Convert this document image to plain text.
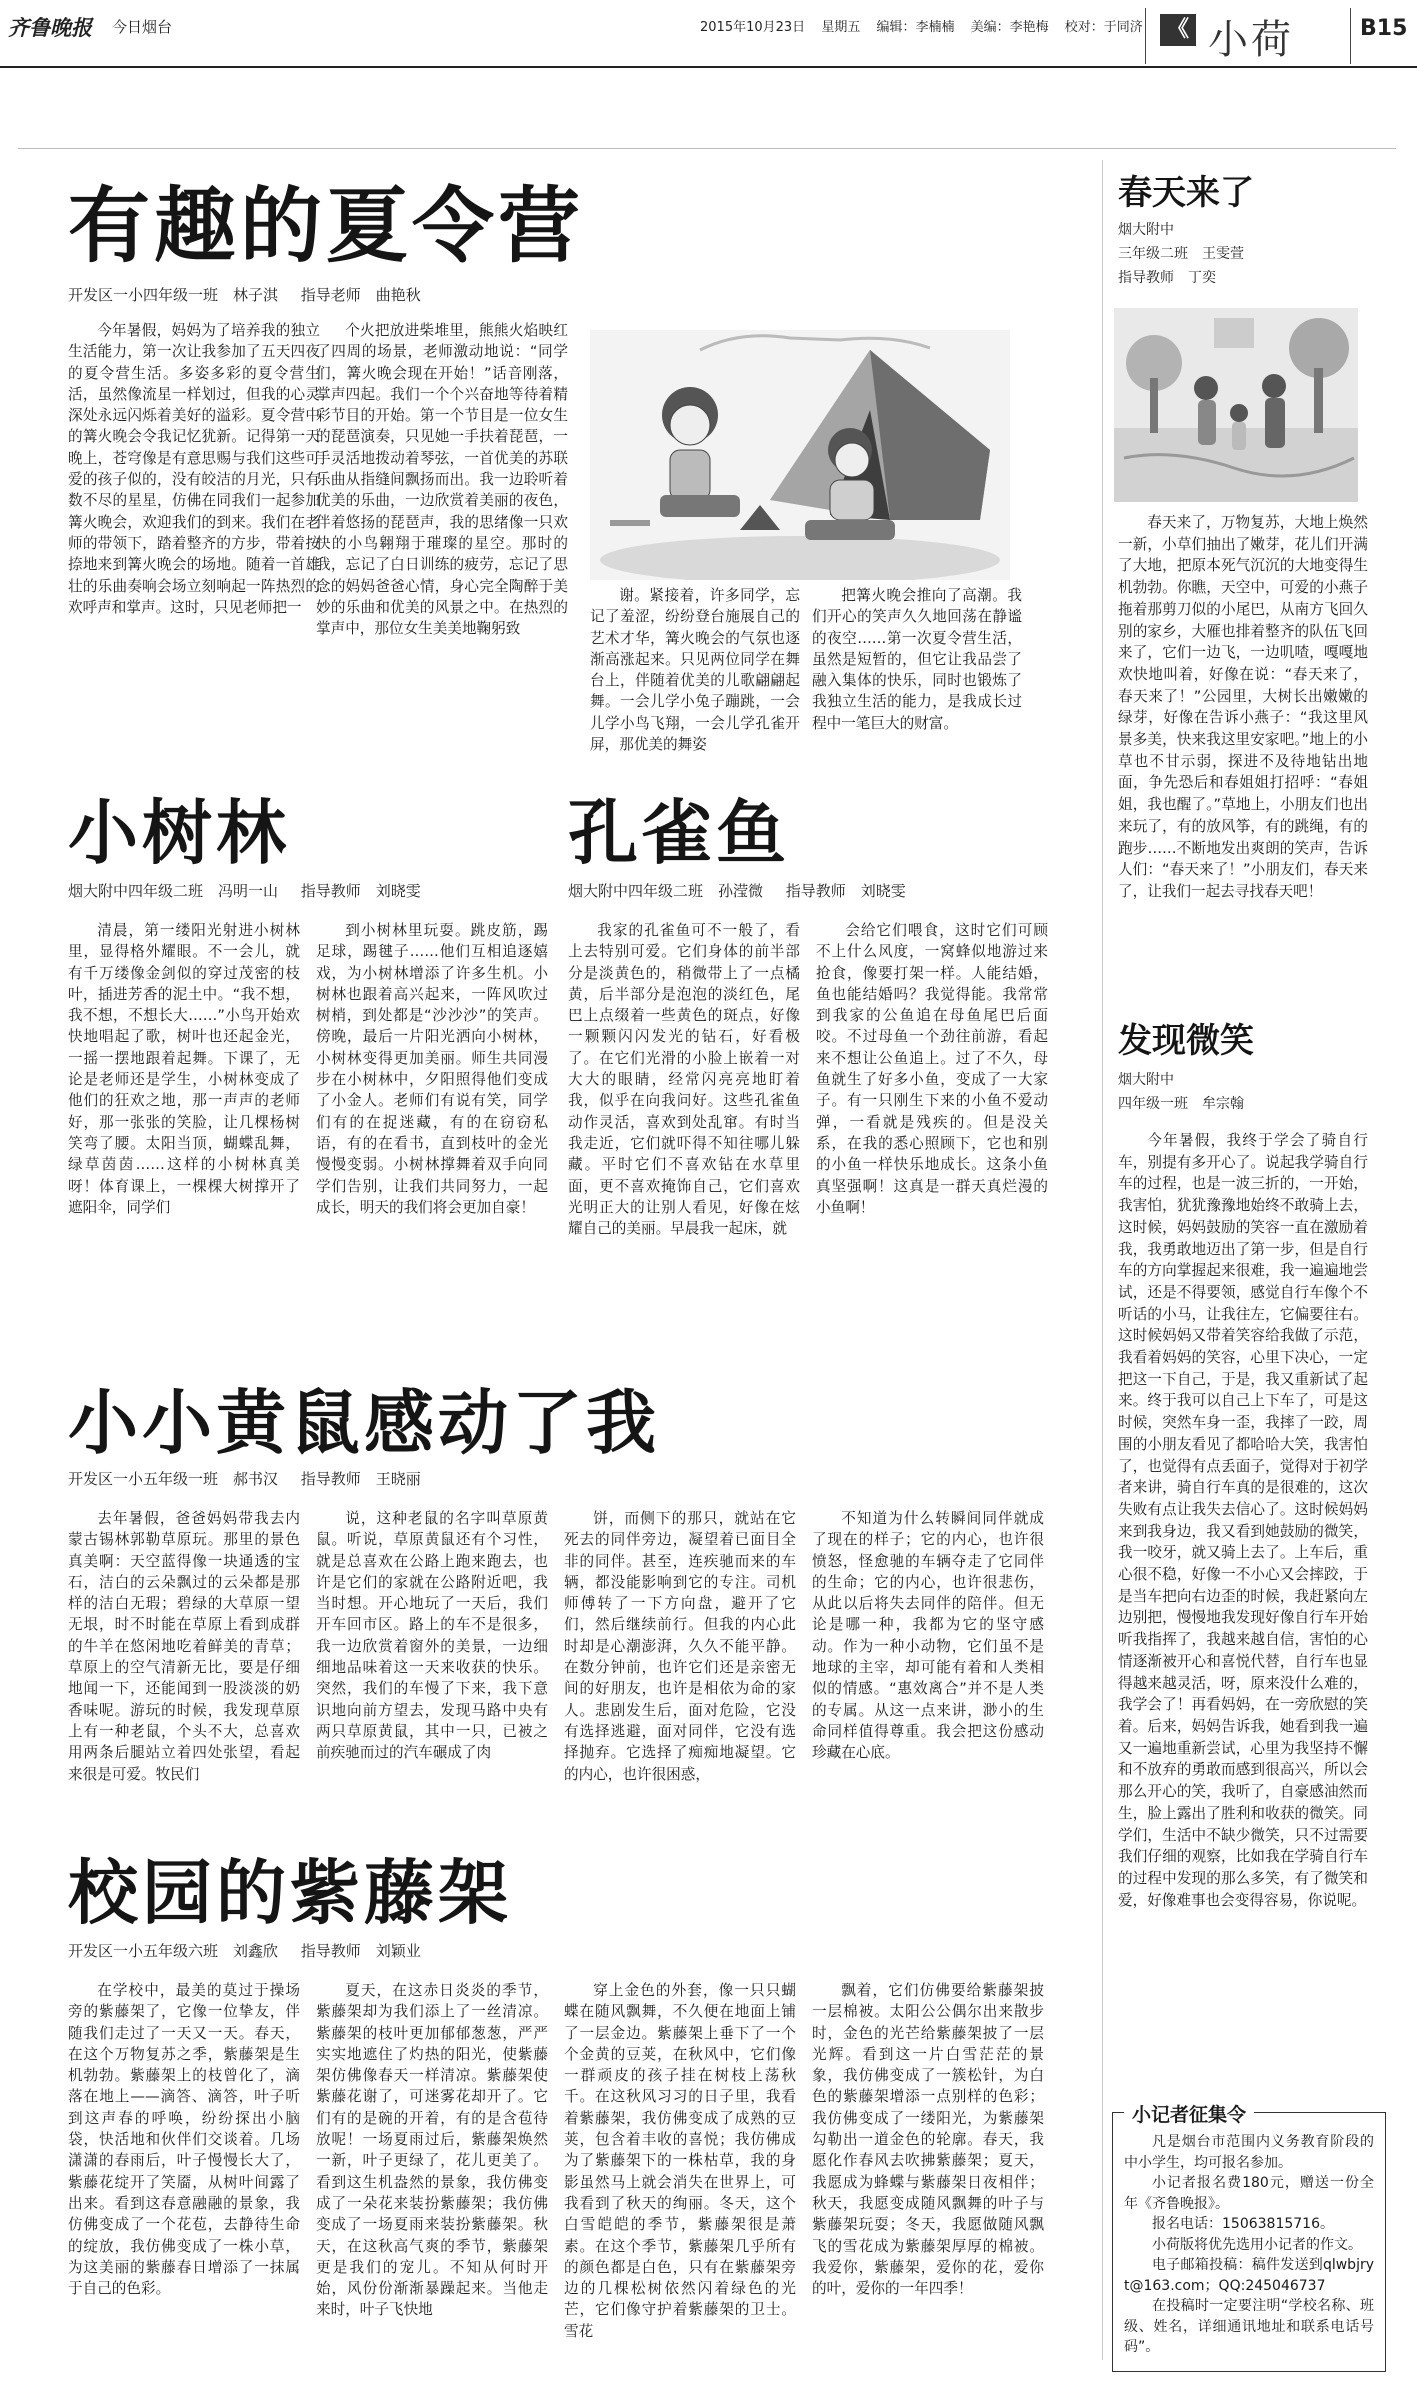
齐鲁晚报 今日烟台	2015年10月23日 星期五 编辑：李楠楠 美编：李艳梅 校对：于同济	《 小荷	B15
有趣的夏令营
开发区一小四年级一班　林子淇 指导老师　曲艳秋
今年暑假，妈妈为了培养我的独立生活能力，第一次让我参加了五天四夜的夏令营生活。多姿多彩的夏令营生活，虽然像流星一样划过，但我的心灵深处永远闪烁着美好的溢彩。夏令营中的篝火晚会令我记忆犹新。记得第一天晚上，苍穹像是有意思赐与我们这些可爱的孩子似的，没有皎洁的月光，只有数不尽的星星，仿佛在同我们一起参加篝火晚会，欢迎我们的到来。我们在老师的带领下，踏着整齐的方步，带着按捺地来到篝火晚会的场地。随着一首雄壮的乐曲奏响会场立刻响起一阵热烈的欢呼声和掌声。这时，只见老师把一
个火把放进柴堆里，熊熊火焰映红了四周的场景，老师激动地说：“同学们，篝火晚会现在开始！”话音刚落，掌声四起。我们一个个兴奋地等待着精彩节目的开始。第一个节目是一位女生的琵琶演奏，只见她一手扶着琵琶，一手灵活地拨动着琴弦，一首优美的苏联乐曲从指缝间飘扬而出。我一边聆听着优美的乐曲，一边欣赏着美丽的夜色，伴着悠扬的琵琶声，我的思绪像一只欢快的小鸟翱翔于璀璨的星空。那时的我，忘记了白日训练的疲劳，忘记了思念的妈妈爸爸心情，身心完全陶醉于美妙的乐曲和优美的风景之中。在热烈的掌声中，那位女生美美地鞠躬致
谢。紧接着，许多同学，忘记了羞涩，纷纷登台施展自己的艺术才华，篝火晚会的气氛也逐渐高涨起来。只见两位同学在舞台上，伴随着优美的儿歌翩翩起舞。一会儿学小兔子蹦跳，一会儿学小鸟飞翔，一会儿学孔雀开屏，那优美的舞姿
把篝火晚会推向了高潮。我们开心的笑声久久地回荡在静谧的夜空……第一次夏令营生活，虽然是短暂的，但它让我品尝了融入集体的快乐，同时也锻炼了我独立生活的能力，是我成长过程中一笔巨大的财富。
小树林
烟大附中四年级二班　冯明一山 指导教师　刘晓雯
清晨，第一缕阳光射进小树林里，显得格外耀眼。不一会儿，就有千万缕像金剑似的穿过茂密的枝叶，插进芳香的泥土中。“我不想，我不想，不想长大……”小鸟开始欢快地唱起了歌，树叶也还起金光，一摇一摆地跟着起舞。下课了，无论是老师还是学生，小树林变成了他们的狂欢之地，那一声声的老师好，那一张张的笑脸，让几棵杨树笑弯了腰。太阳当顶，蝴蝶乱舞，绿草茵茵……这样的小树林真美呀！体育课上，一棵棵大树撑开了遮阳伞，同学们
到小树林里玩耍。跳皮筋，踢足球，踢毽子……他们互相追逐嬉戏，为小树林增添了许多生机。小树林也跟着高兴起来，一阵风吹过树梢，到处都是“沙沙沙”的笑声。傍晚，最后一片阳光洒向小树林，小树林变得更加美丽。师生共同漫步在小树林中，夕阳照得他们变成了小金人。老师们有说有笑，同学们有的在捉迷藏，有的在窃窃私语，有的在看书，直到枝叶的金光慢慢变弱。小树林撑舞着双手向同学们告别，让我们共同努力，一起成长，明天的我们将会更加自豪！
孔雀鱼
烟大附中四年级二班　孙滢微 指导教师　刘晓雯
我家的孔雀鱼可不一般了，看上去特别可爱。它们身体的前半部分是淡黄色的，稍微带上了一点橘黄，后半部分是泡泡的淡红色，尾巴上点缀着一些黄色的斑点，好像一颗颗闪闪发光的钻石，好看极了。在它们光滑的小脸上嵌着一对大大的眼睛，经常闪亮亮地盯着我，似乎在向我问好。这些孔雀鱼动作灵活，喜欢到处乱窜。有时当我走近，它们就吓得不知往哪儿躲藏。平时它们不喜欢钻在水草里面，更不喜欢掩饰自己，它们喜欢光明正大的让别人看见，好像在炫耀自己的美丽。早晨我一起床，就
会给它们喂食，这时它们可顾不上什么风度，一窝蜂似地游过来抢食，像要打架一样。人能结婚，鱼也能结婚吗？我觉得能。我常常到我家的公鱼追在母鱼尾巴后面咬。不过母鱼一个劲往前游，看起来不想让公鱼追上。过了不久，母鱼就生了好多小鱼，变成了一大家子。有一只刚生下来的小鱼不爱动弹，一看就是残疾的。但是没关系，在我的悉心照顾下，它也和别的小鱼一样快乐地成长。这条小鱼真坚强啊！这真是一群天真烂漫的小鱼啊！
小小黄鼠感动了我
开发区一小五年级一班　郝书汉 指导教师　王晓丽
去年暑假，爸爸妈妈带我去内蒙古锡林郭勒草原玩。那里的景色真美啊：天空蓝得像一块通透的宝石，洁白的云朵飘过的云朵都是那样的洁白无瑕；碧绿的大草原一望无垠，时不时能在草原上看到成群的牛羊在悠闲地吃着鲜美的青草；草原上的空气清新无比，要是仔细地闻一下，还能闻到一股淡淡的奶香味呢。游玩的时候，我发现草原上有一种老鼠，个头不大，总喜欢用两条后腿站立着四处张望，看起来很是可爱。牧民们
说，这种老鼠的名字叫草原黄鼠。听说，草原黄鼠还有个习性，就是总喜欢在公路上跑来跑去，也许是它们的家就在公路附近吧，我当时想。开心地玩了一天后，我们开车回市区。路上的车不是很多，我一边欣赏着窗外的美景，一边细细地品味着这一天来收获的快乐。突然，我们的车慢了下来，我下意识地向前方望去，发现马路中央有两只草原黄鼠，其中一只，已被之前疾驰而过的汽车碾成了肉
饼，而侧下的那只，就站在它死去的同伴旁边，凝望着已面目全非的同伴。甚至，连疾驰而来的车辆，都没能影响到它的专注。司机师傅转了一下方向盘，避开了它们，然后继续前行。但我的内心此时却是心潮澎湃，久久不能平静。在数分钟前，也许它们还是亲密无间的好朋友，也许是相依为命的家人。悲剧发生后，面对危险，它没有选择逃避，面对同伴，它没有选择抛弃。它选择了痴痴地凝望。它的内心，也许很困惑，
不知道为什么转瞬间同伴就成了现在的样子；它的内心，也许很愤怒，怪愈驰的车辆夺走了它同伴的生命；它的内心，也许很悲伤，从此以后将失去同伴的陪伴。但无论是哪一种，我都为它的坚守感动。作为一种小动物，它们虽不是地球的主宰，却可能有着和人类相似的情感。“惠效离合”并不是人类的专属。从这一点来讲，渺小的生命同样值得尊重。我会把这份感动珍藏在心底。
校园的紫藤架
开发区一小五年级六班　刘鑫欣 指导教师　刘颖业
在学校中，最美的莫过于操场旁的紫藤架了，它像一位挚友，伴随我们走过了一天又一天。春天，在这个万物复苏之季，紫藤架是生机勃勃。紫藤架上的枝曾化了，滴落在地上——滴答、滴答，叶子听到这声春的呼唤，纷纷探出小脑袋，快活地和伙伴们交谈着。几场潇潇的春雨后，叶子慢慢长大了，紫藤花绽开了笑靥，从树叶间露了出来。看到这春意融融的景象，我仿佛变成了一个花苞，去静待生命的绽放，我仿佛变成了一株小草，为这美丽的紫藤春日增添了一抹属于自己的色彩。
夏天，在这赤日炎炎的季节，紫藤架却为我们添上了一丝清凉。紫藤架的枝叶更加郁郁葱葱，严严实实地遮住了灼热的阳光，使紫藤架仿佛像春天一样清凉。紫藤架使紫藤花谢了，可迷雾花却开了。它们有的是碗的开着，有的是含苞待放呢！一场夏雨过后，紫藤架焕然一新，叶子更绿了，花儿更美了。看到这生机盎然的景象，我仿佛变成了一朵花来装扮紫藤架；我仿佛变成了一场夏雨来装扮紫藤架。秋天，在这秋高气爽的季节，紫藤架更是我们的宠儿。不知从何时开始，风份份渐渐暴躁起来。当他走来时，叶子飞快地
穿上金色的外套，像一只只蝴蝶在随风飘舞，不久便在地面上铺了一层金边。紫藤架上垂下了一个个金黄的豆荚，在秋风中，它们像一群顽皮的孩子挂在树枝上荡秋千。在这秋风习习的日子里，我看着紫藤架，我仿佛变成了成熟的豆荚，包含着丰收的喜悦；我仿佛成为了紫藤架下的一株枯草，我的身影虽然马上就会消失在世界上，可我看到了秋天的绚丽。冬天，这个白雪皑皑的季节，紫藤架很是萧素。在这个季节，紫藤架几乎所有的颜色都是白色，只有在紫藤架旁边的几棵松树依然闪着绿色的光芒，它们像守护着紫藤架的卫士。雪花
飘着，它们仿佛要给紫藤架披一层棉被。太阳公公偶尔出来散步时，金色的光芒给紫藤架披了一层光辉。看到这一片白雪茫茫的景象，我仿佛变成了一簇松针，为白色的紫藤架增添一点别样的色彩；我仿佛变成了一缕阳光，为紫藤架勾勒出一道金色的轮廓。春天，我愿化作春风去吹拂紫藤架；夏天，我愿成为蜂蝶与紫藤架日夜相伴；秋天，我愿变成随风飘舞的叶子与紫藤架玩耍；冬天，我愿做随风飘飞的雪花成为紫藤架厚厚的棉被。我爱你，紫藤架，爱你的花，爱你的叶，爱你的一年四季！
春天来了
烟大附中
三年级二班　王雯萱
指导教师　丁奕
春天来了，万物复苏，大地上焕然一新，小草们抽出了嫩芽，花儿们开满了大地，把原本死气沉沉的大地变得生机勃勃。你瞧，天空中，可爱的小燕子拖着那剪刀似的小尾巴，从南方飞回久别的家乡，大雁也排着整齐的队伍飞回来了，它们一边飞，一边叽喳，嘎嘎地欢快地叫着，好像在说：“春天来了，春天来了！”公园里，大树长出嫩嫩的绿芽，好像在告诉小燕子：“我这里风景多美，快来我这里安家吧。”地上的小草也不甘示弱，探进不及待地钻出地面，争先恐后和春姐姐打招呼：“春姐姐，我也醒了。”草地上，小朋友们也出来玩了，有的放风筝，有的跳绳，有的跑步……不断地发出爽朗的笑声，告诉人们：“春天来了！”小朋友们，春天来了，让我们一起去寻找春天吧！
发现微笑
烟大附中
四年级一班　牟宗翰
今年暑假，我终于学会了骑自行车，别提有多开心了。说起我学骑自行车的过程，也是一波三折的，一开始，我害怕，犹犹豫豫地始终不敢骑上去，这时候，妈妈鼓励的笑容一直在激励着我，我勇敢地迈出了第一步，但是自行车的方向掌握起来很难，我一遍遍地尝试，还是不得要领，感觉自行车像个不听话的小马，让我往左，它偏要往右。这时候妈妈又带着笑容给我做了示范，我看着妈妈的笑容，心里下决心，一定把这一下自己，于是，我又重新试了起来。终于我可以自己上下车了，可是这时候，突然车身一歪，我摔了一跤，周围的小朋友看见了都哈哈大笑，我害怕了，也觉得有点丢面子，觉得对于初学者来讲，骑自行车真的是很难的，这次失败有点让我失去信心了。这时候妈妈来到我身边，我又看到她鼓励的微笑，我一咬牙，就又骑上去了。上车后，重心很不稳，好像一不小心又会摔跤，于是当车把向右边歪的时候，我赶紧向左边别把，慢慢地我发现好像自行车开始听我指挥了，我越来越自信，害怕的心情逐渐被开心和喜悦代替，自行车也显得越来越灵活，呀，原来没什么难的，我学会了！再看妈妈，在一旁欣慰的笑着。后来，妈妈告诉我，她看到我一遍又一遍地重新尝试，心里为我坚持不懈和不放弃的勇敢而感到很高兴，所以会那么开心的笑，我听了，自豪感油然而生，脸上露出了胜利和收获的微笑。同学们，生活中不缺少微笑，只不过需要我们仔细的观察，比如我在学骑自行车的过程中发现的那么多笑，有了微笑和爱，好像难事也会变得容易，你说呢。
小记者征集令
凡是烟台市范围内义务教育阶段的中小学生，均可报名参加。
小记者报名费180元，赠送一份全年《齐鲁晚报》。
报名电话：15063815716。
小荷版将优先选用小记者的作文。
电子邮箱投稿：稿件发送到qlwbjryt@163.com；QQ:245046737
在投稿时一定要注明“学校名称、班级、姓名，详细通讯地址和联系电话号码”。
